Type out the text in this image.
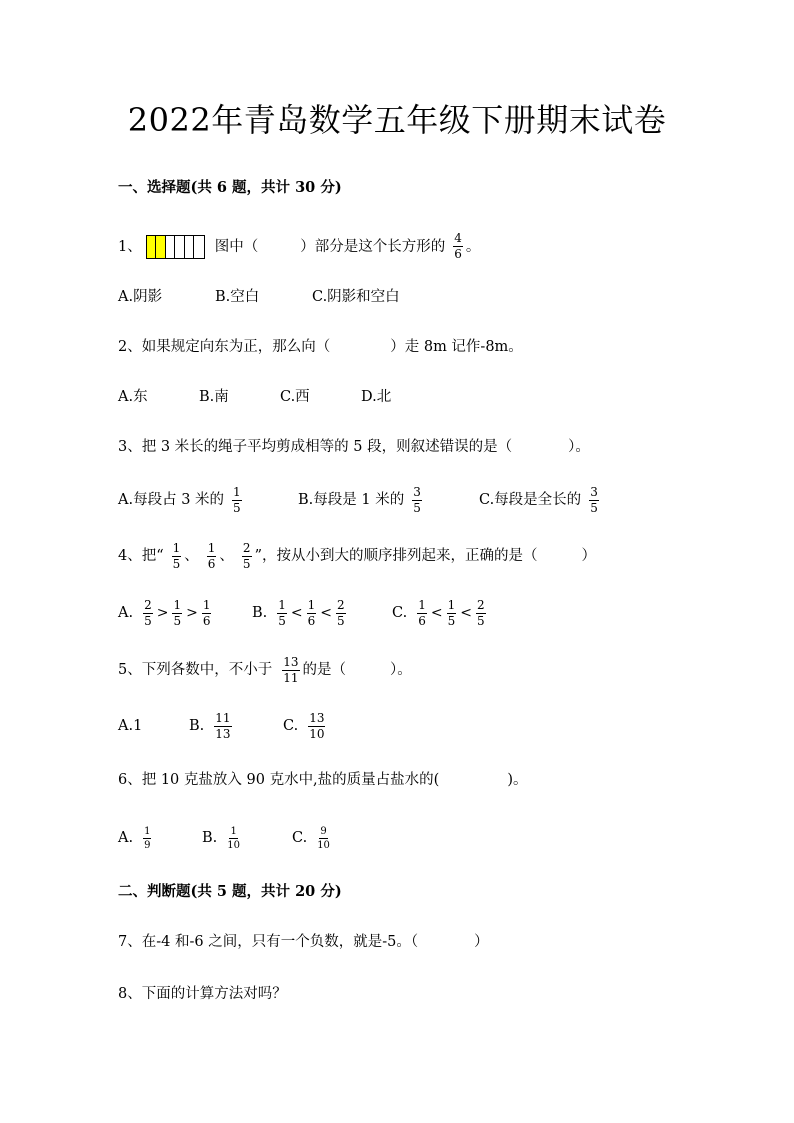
2022年青岛数学五年级下册期末试卷
一、选择题(共 6 题，共计 30 分)
1、	图中（	）部分是这个长方形的 $\frac{4}{6}$ 。
A.阴影	B.空白	C.阴影和空白
2、如果规定向东为正，那么向（	）走 8m 记作-8m。
A.东	B.南	C.西	D.北
3、把 3 米长的绳子平均剪成相等的 5 段，则叙述错误的是（	）。
A.每段占 3 米的 $\frac{1}{5}$	B.每段是 1 米的 $\frac{3}{5}$	C.每段是全长的 $\frac{3}{5}$
4、把“ $\frac{1}{5}$ 、 $\frac{1}{6}$ 、 $\frac{2}{5}$ ”，按从小到大的顺序排列起来，正确的是（	）
A. $\frac{2}{5} > \frac{1}{5} > \frac{1}{6}$	B. $\frac{1}{5} < \frac{1}{6} < \frac{2}{5}$	C. $\frac{1}{6} < \frac{1}{5} < \frac{2}{5}$
5、下列各数中，不小于 $\frac{13}{11}$ 的是（	）。
A.1	B. $\frac{11}{13}$	C. $\frac{13}{10}$
6、把 10 克盐放入 90 克水中,盐的质量占盐水的(	)。
A. $\frac{1}{9}$	B. $\frac{1}{10}$	C. $\frac{9}{10}$
二、判断题(共 5 题，共计 20 分)
7、在-4 和-6 之间，只有一个负数，就是-5。（	）
8、下面的计算方法对吗？
